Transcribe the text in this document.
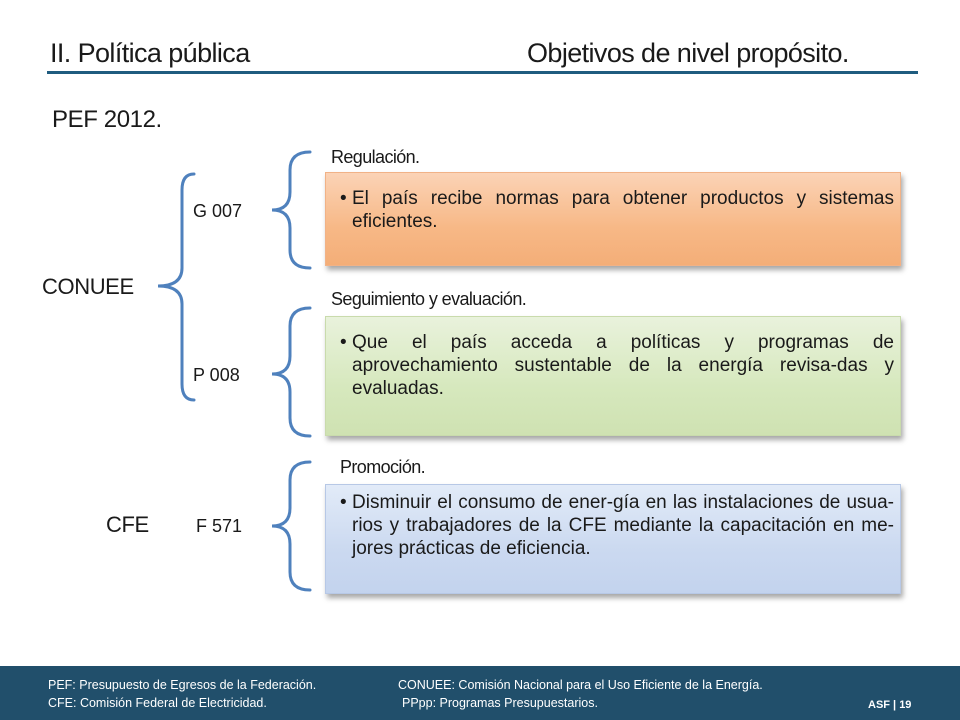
II. Política pública	Objetivos de nivel propósito.
PEF 2012.
CONUEE
CFE
G 007
P 008
F 571
Regulación.
Seguimiento y evaluación.
Promoción.
• El país recibe normas para obtener productos y sistemas eficientes.
• Que el país acceda a políticas y programas de aprovechamiento sustentable de la energía revisa-das y evaluadas.
• Disminuir el consumo de ener-gía en las instalaciones de usua-rios y trabajadores de la CFE mediante la capacitación en me-jores prácticas de eficiencia.
PEF: Presupuesto de Egresos de la Federación.	CONUEE: Comisión Nacional para el Uso Eficiente de la Energía.
CFE: Comisión Federal de Electricidad.	PPpp: Programas Presupuestarios.	ASF | 19
